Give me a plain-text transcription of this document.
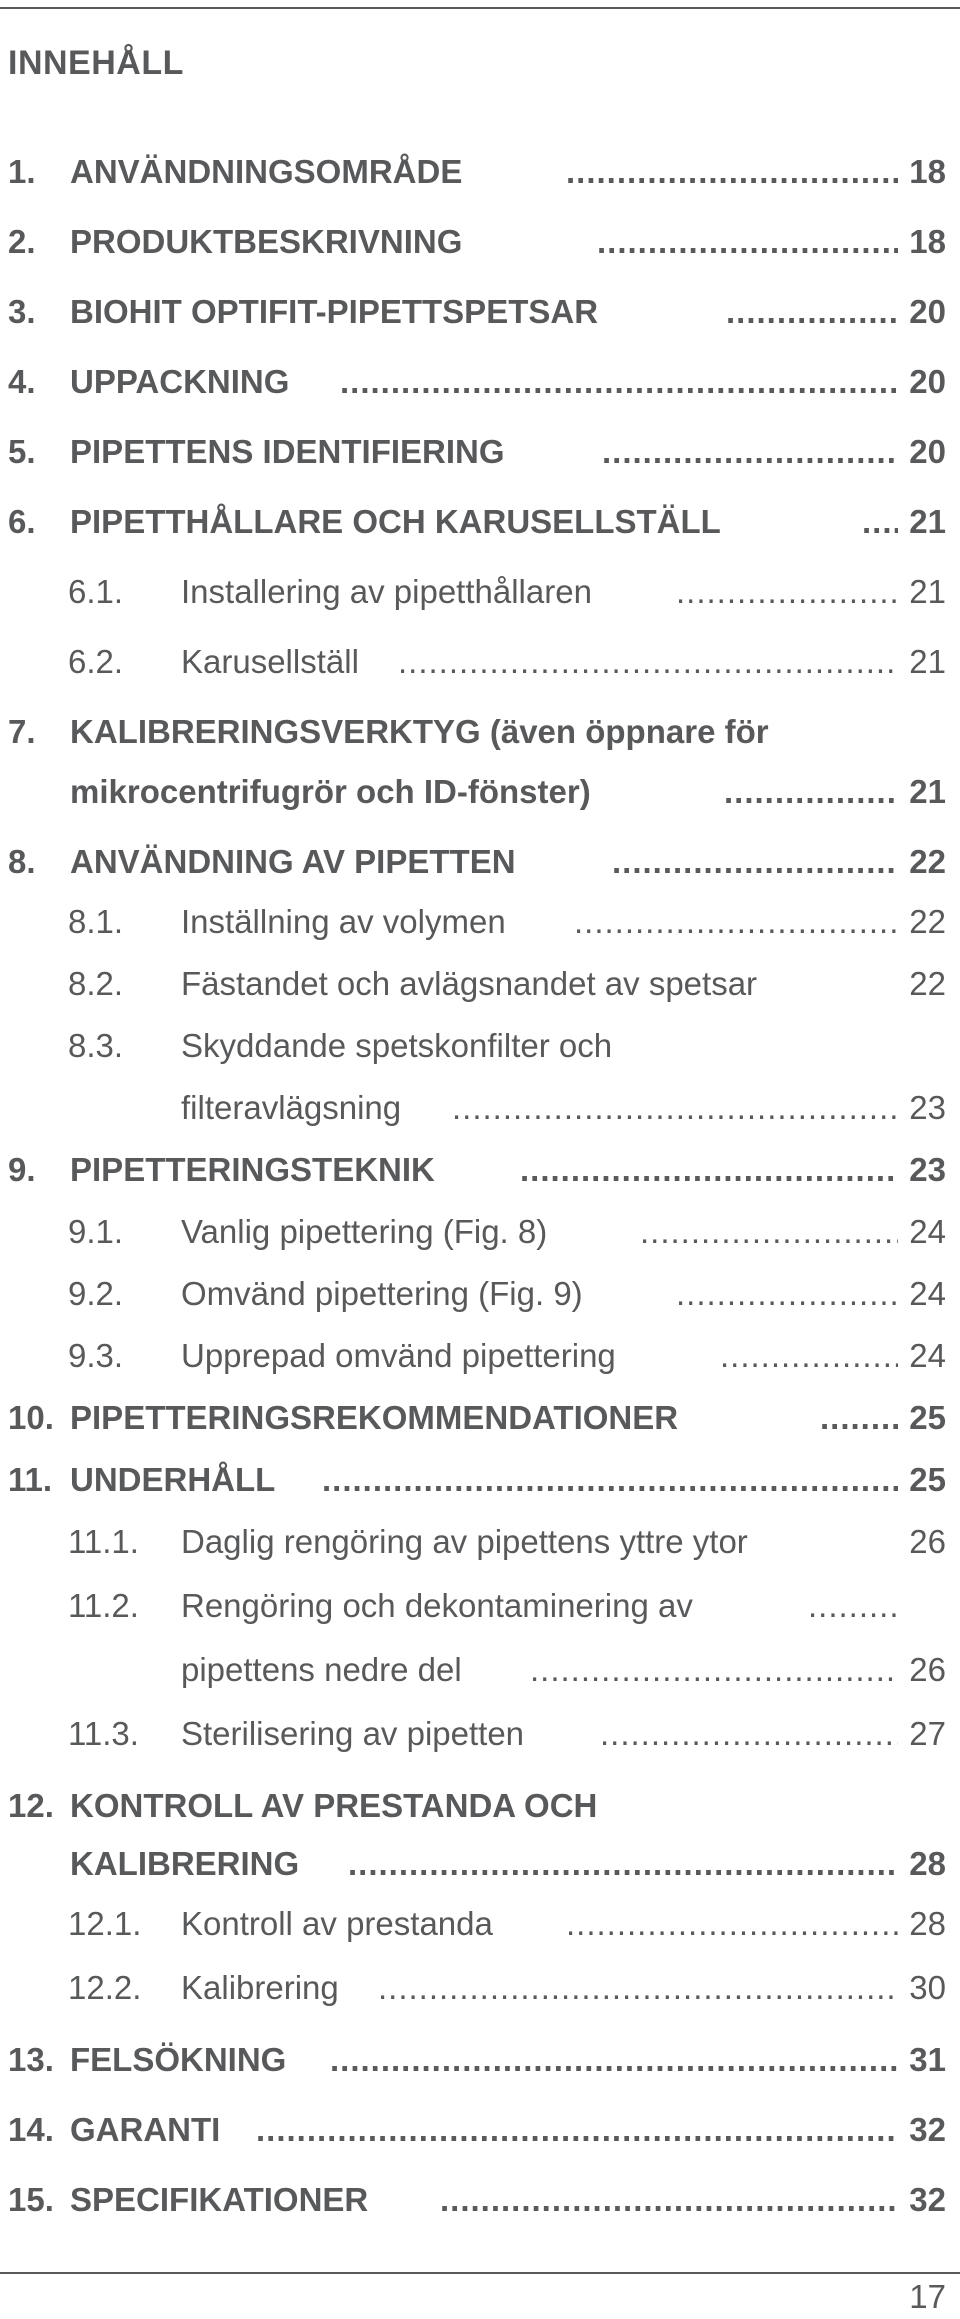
INNEHÅLL
1. ANVÄNDNINGSOMRÅDE .....	18
2. PRODUKTBESKRIVNING .....	18
3. BIOHIT OPTIFIT-PIPETTSPETSAR .....	20
4. UPPACKNING .....	20
5. PIPETTENS IDENTIFIERING .....	20
6. PIPETTHÅLLARE OCH KARUSELLSTÄLL .....	21
6.1. Installering av pipetthållaren .....	21
6.2. Karusellställ .....	21
7. KALIBRERINGSVERKTYG (även öppnare för
mikrocentrifugrör och ID-fönster) .....	21
8. ANVÄNDNING AV PIPETTEN .....	22
8.1. Inställning av volymen .....	22
8.2. Fästandet och avlägsnandet av spetsar	22
8.3. Skyddande spetskonfilter och
filteravlägsning .....	23
9. PIPETTERINGSTEKNIK .....	23
9.1. Vanlig pipettering (Fig. 8) .....	24
9.2. Omvänd pipettering (Fig. 9) .....	24
9.3. Upprepad omvänd pipettering .....	24
10. PIPETTERINGSREKOMMENDATIONER .....	25
11. UNDERHÅLL .....	25
11.1. Daglig rengöring av pipettens yttre ytor	26
11.2. Rengöring och dekontaminering av
.....
pipettens nedre del .....	26
11.3. Sterilisering av pipetten .....	27
12. KONTROLL AV PRESTANDA OCH
KALIBRERING .....	28
12.1. Kontroll av prestanda .....	28
12.2. Kalibrering .....	30
13. FELSÖKNING .....	31
14. GARANTI .....	32
15. SPECIFIKATIONER .....	32
17
